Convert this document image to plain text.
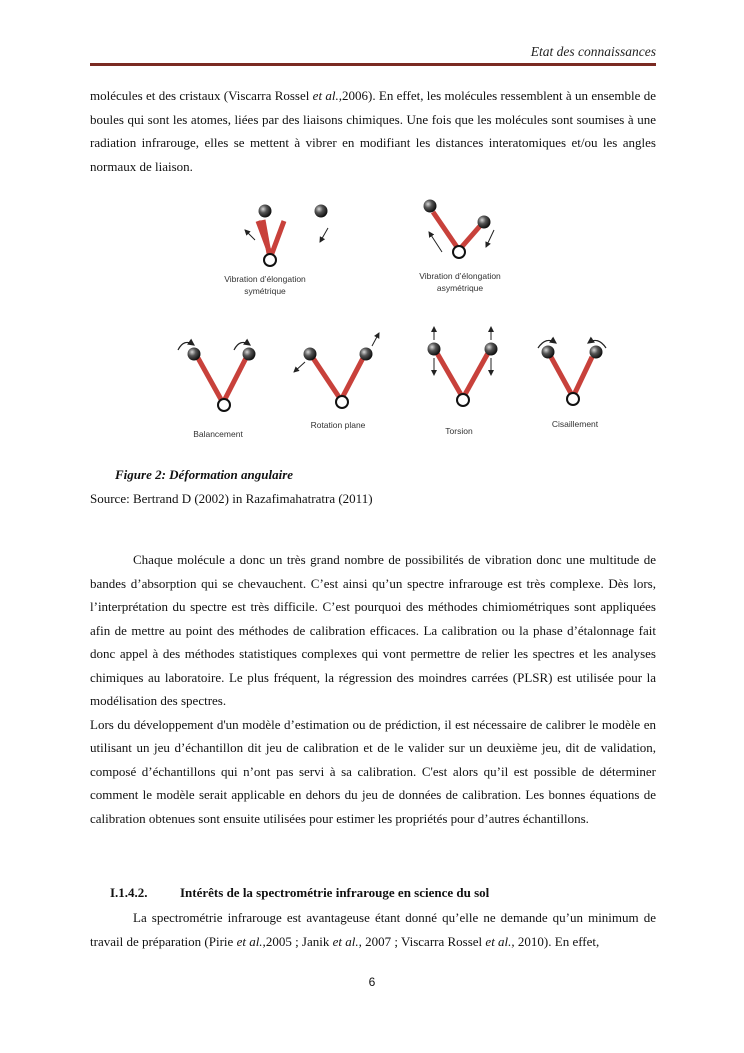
Etat des connaissances

molécules et des cristaux (Viscarra Rossel et al.,2006). En effet, les molécules ressemblent à un ensemble de boules qui sont les atomes, liées par des liaisons chimiques. Une fois que les molécules sont soumises à une radiation infrarouge, elles se mettent à vibrer en modifiant les distances interatomiques et/ou les angles normaux de liaison.

Vibration d’élongation
symétrique
Vibration d’élongation
asymétrique
Balancement
Rotation plane
Torsion
Cisaillement
Figure 2: Déformation angulaire
Source: Bertrand D (2002) in Razafimahatratra (2011)

Chaque molécule a donc un très grand nombre de possibilités de vibration donc une multitude de bandes d’absorption qui se chevauchent. C’est ainsi qu’un spectre infrarouge est très complexe. Dès lors, l’interprétation du spectre est très difficile. C’est pourquoi des méthodes chimiométriques sont appliquées afin de mettre au point des méthodes de calibration efficaces. La calibration ou la phase d’étalonnage fait donc appel à des méthodes statistiques complexes qui vont permettre de relier les spectres et les analyses chimiques au laboratoire. Le plus fréquent, la régression des moindres carrées (PLSR) est utilisée pour la modélisation des spectres.

Lors du développement d'un modèle d’estimation ou de prédiction, il est nécessaire de calibrer le modèle en utilisant un jeu d’échantillon dit jeu de calibration et de le valider sur un deuxième jeu, dit de validation, composé d’échantillons qui n’ont pas servi à sa calibration. C'est alors qu’il est possible de déterminer comment le modèle serait applicable en dehors du jeu de données de calibration. Les bonnes équations de calibration obtenues sont ensuite utilisées pour estimer les propriétés pour d’autres échantillons.

I.1.4.2. Intérêts de la spectrométrie infrarouge en science du sol

La spectrométrie infrarouge est avantageuse étant donné qu’elle ne demande qu’un minimum de travail de préparation (Pirie et al.,2005 ; Janik et al., 2007 ; Viscarra Rossel et al., 2010). En effet,

6
